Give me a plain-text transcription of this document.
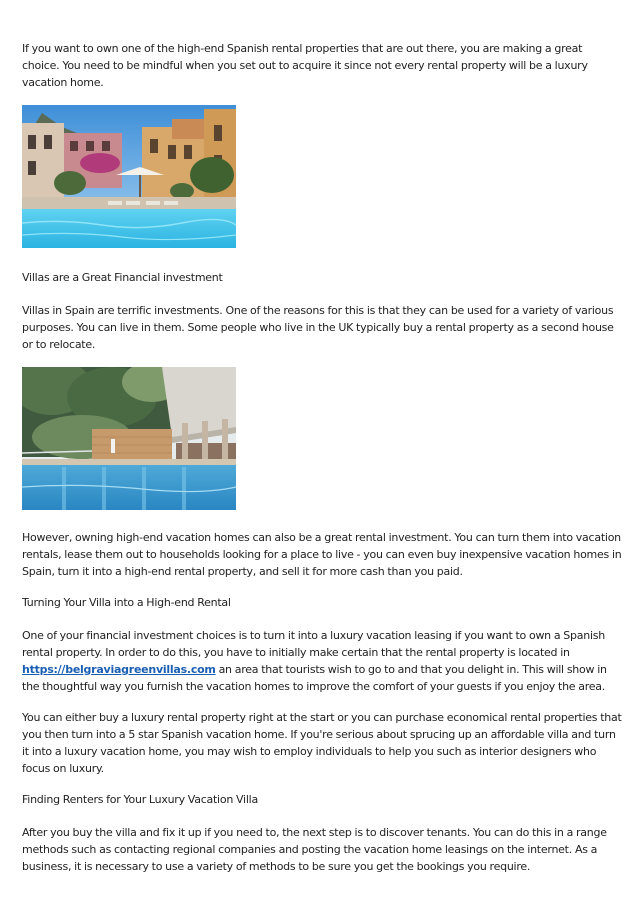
If you want to own one of the high-end Spanish rental properties that are out there, you are making a great choice. You need to be mindful when you set out to acquire it since not every rental property will be a luxury vacation home.

Villas are a Great Financial investment

Villas in Spain are terrific investments. One of the reasons for this is that they can be used for a variety of various purposes. You can live in them. Some people who live in the UK typically buy a rental property as a second house or to relocate.

However, owning high-end vacation homes can also be a great rental investment. You can turn them into vacation rentals, lease them out to households looking for a place to live - you can even buy inexpensive vacation homes in Spain, turn it into a high-end rental property, and sell it for more cash than you paid.

Turning Your Villa into a High-end Rental

One of your financial investment choices is to turn it into a luxury vacation leasing if you want to own a Spanish rental property. In order to do this, you have to initially make certain that the rental property is located in https://belgraviagreenvillas.com an area that tourists wish to go to and that you delight in. This will show in the thoughtful way you furnish the vacation homes to improve the comfort of your guests if you enjoy the area.

You can either buy a luxury rental property right at the start or you can purchase economical rental properties that you then turn into a 5 star Spanish vacation home. If you're serious about sprucing up an affordable villa and turn it into a luxury vacation home, you may wish to employ individuals to help you such as interior designers who focus on luxury.

Finding Renters for Your Luxury Vacation Villa

After you buy the villa and fix it up if you need to, the next step is to discover tenants. You can do this in a range methods such as contacting regional companies and posting the vacation home leasings on the internet. As a business, it is necessary to use a variety of methods to be sure you get the bookings you require.
